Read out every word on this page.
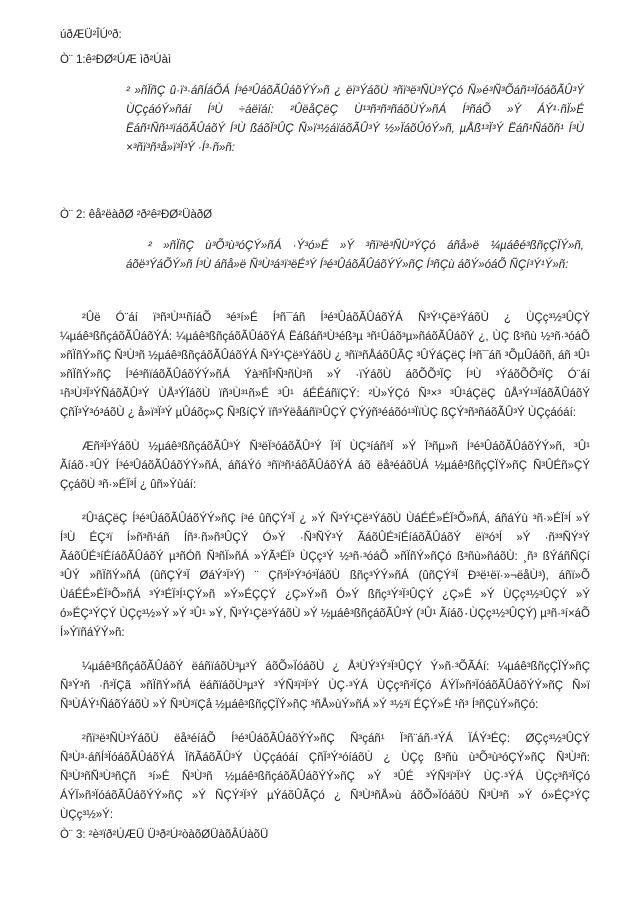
úðÆÜ²ÎÚºð:

Ò¨ 1:ê²ÐØ²ÚÆ ìð²Úàì

² »ñÏñÇ û·ï³·áñÍáÕÁ Í³é³ÛáõÃÛáõÝÝ»ñ ¿ ëï³ÝáõÙ ³ñï³ë³ÑÙ³ÝÇó Ñ»é³Ñ³Õáñ¹³ÏóáõÃÛ³Ý ÙÇçáóÝ»ñáí Í³Ù ÷áëïáí: ²ÛëåÇëÇ Ù¹³ñ³ñ³ñáõÙÝ»ñÁ Í³ñáÕ »Ý ÁÝ¹·ñÏ»É Ëáñ¹Ññ¹³ïáõÃÛáõÝ Í³Ù ßáõÏ³ÛÇ Ñ»ï³½áïáõÃÛ³Ý ½»ÏáõÛóÝ»ñ, µÅß¹³Ï³Ý Ëáñ¹Ñáõñ¹ Í³Ù ×³ñï³ñ³å»ï³Ï³Ý ·Í³·ñ»ñ:

Ò¨ 2: êå²ëàðØ ²ð²ê²ÐØ²ÜàðØ

² »ñÏñÇ ù³Õ³ù³óÇÝ»ñÁ ·Ý³ó»É »Ý ³ñï³ë³ÑÙ³ÝÇó áñå»ë ¼µáêé³ßñçÇÏÝ»ñ, áõë³ÝáÕÝ»ñ Í³Ù áñå»ë Ñ³Ù³á³ï³ëÉ³Ý Í³é³ÛáõÃÛáõÝÝ»ñÇ Í³ñÇù áõÝ»óáÕ ÑÇí³Ý¹Ý»ñ:

²Ûë Ó¨áí ï³ñ³Ù³¹ñíáÕ ³é³í»É Í³ñ¯áñ Í³é³ÛáõÃÛáõÝÁ Ñ³Ý¹Çë³ÝáõÙ ¿ ÙÇç³½³ÛÇÝ ¼µáê³ßñçáõÃÛáõÝÁ: ¼µáê³ßñçáõÃÛáõÝÁ Ëáßáñ³Ù³éß³µ ³ñ¹Ûáõ³µ»ñáõÃÛáõÝ ¿, ÙÇ ß³ñù ½³ñ·³óáÕ »ñÏñÝ»ñÇ Ñ³Ù³ñ ½µáê³ßñçáõÃÛáõÝÁ Ñ³Ý¹Çë³ÝáõÙ ¿ ³ñï³ñÅáõÛÃÇ ³ÛÝáÇëÇ Í³ñ¯áñ ³ÕµÛáõñ, áñ ³Û¹ »ñÏñÝ»ñÇ Í³é³ñïáõÃÛáõÝÝ»ñÁ Ýà³ñÎ³Ñ³ñÙ³ñ »Ý ·ïÝáõÙ áõÕÕ³ÏÇ Í³Ù ³ÝáõÕÕ³ÏÇ Ó¨áí ¹ñ³Ù³Ï³ÝÑáõÃÛ³Ý ÙÅ³ÝÏáõÙ ïñ³Ù³¹ñ»É ³Û¹ áÉÉáñïÇÝ: ²Ù»ÝÇó Ñ³×³ ³Û¹áÇëÇ ûÅ³Ý¹³ÏáõÃÛáõÝ ÇñÏ³Ý³ó³áõÙ ¿ å»ï³Ï³Ý µÛáõç»Ç Ñ³ßíÇÝ ïñ³Ýëåáñï³ÛÇÝ ÇÝýñ³éáõó¹³ÏïÙÇ ßÇÝ³ñ³ñáõÃÛ³Ý ÙÇçáóáí:

Æñ³Ï³ÝáõÙ ½µáê³ßñçáõÃÛ³Ý Ñ³ëÏ³óáõÃÛ³Ý Ï³Ï ÙÇ³íáñ³Ï »Ý Ï³ñµ»ñ Í³é³ÛáõÃÛáõÝÝ»ñ, ³Û¹ Ãíáõ٠³ÛÝ Í³é³ÛáõÃÛáõÝÝ»ñÁ, áñáÝó ³ñï³ñ¹áõÃÛáõÝÁ áõ ëå³éáõÙÁ ½µáê³ßñçÇÏÝ»ñÇ Ñ³ÛÉñ»ÇÝ ÇçáõÙ ³ñ·»ÉÏ³Í ¿ ûñ»Ýùáí:

²Û¹áÇëÇ Í³é³ÛáõÃÛáõÝÝ»ñÇ í³é ûñÇÝ³Ï ¿ »Ý Ñ³Ý¹Çë³ÝáõÙ ÙáÉÉ»ÉÏ³Õ»ñÁ, áñáÝù ³ñ·»ÉÏ³Í »Ý Í³Ù ÉÇ³ï Í»ñ³ñ¹áñ Íñ³·ñ»ñ³ÛÇÝ Ó»Ý ·Ñ³ÑÝ³Ý ÃáõÛÉ³íÉíáõÃÛáõÝ ëï³ó³Í »Ý ·ñ³³ÑÝ³Ý ÃáõÛÉ³íÉíáõÃÛáõÝ µ³ñÓñ Ñ³ñÏ»ñÁ »ÝÃ³ÉÏ³ ÙÇç³Ý ½³ñ·³óáÕ »ñÏñÝ»ñÇó ß³ñù»ñáõÙ: ¸ñ³ ßÝáñÑÇí ³ÛÝ »ñÏñÝ»ñÁ (ûñÇÝ³Ï ØáÝ³Ï³Ý) ¨ Çñ³Ï³Ý³ó³ÏáõÙ ßñç³ÝÝ»ñÁ (ûñÇÝ³Ï Ð³ë¹ëï·»¬ëåÙ³), áñï»Õ ÙáÉÉ»ÉÏ³Õ»ñÁ ³Ý³ÉÏ³Í¹ÇÝ»ñ »Ý»ÉÇÇÝ ¿Ç»Ý»ñ Ó»Ý ßñç³Ý³Ï³ÛÇÝ ¿Ç»É »Ý ÙÇç³½³ÛÇÝ »Ý ó»ÉÇ³ÝÇÝ ÙÇç³½»Ý »Ý ³Û¹ »Ý, Ñ³Ý¹Çë³ÝáõÙ »Ý ½µáê³ßñçáõÃÛ³Ý (³Û¹ Ãíáõ٠ÙÇç³½³ÛÇÝ) µ³ñ·³í×áÕ Í»ÝïñáÝÝ»ñ:

¼µáê³ßñçáõÃÛáõÝ ëáñïáõÙ³µ³Ý áõÕ»ÏóáõÙ ¿ Å³ÙÝ³Ý³Ï³ÛÇÝ Ý»ñ·³ÕÃÁí: ¼µáê³ßñçÇÏÝ»ñÇ Ñ³Ý³ñ ·ñ³ÏÇã »ñÏñÝ»ñÁ ëáñïáõÙ³µ³Ý ³ÝÑ³ï³Ï³Ý ÙÇ·³ÝÁ ÙÇç³ñ³ÏÇó ÁÝÏ»ñ³ÏóáõÃÛáõÝÝ»ñÇ Ñ»ï Ñ³ÙÁÝ¹ÑáõÝáõÙ »Ý Ñ³Ù³ïÇå ½µáê³ßñçÇÏÝ»ñÇ ³ñÅ»ùÝ»ñÁ »Ý ³½³ï ÉÇÝ»É ¹ñ³ Í³ñÇùÝ»ñÇó:

²ñï³ë³ÑÙ³ÝáõÙ ëå³éíáÕ Í³é³ÛáõÃÛáõÝÝ»ñÇ Ñ³çáñ¹ Ï³ñ¨áñ·³ÝÁ ÏÁÝ³ÉÇ: ØÇç³½³ÛÇÝ Ñ³Ù³·áñÍ³ÏóáõÃÛáõÝÁ ÏñÃáõÃÛ³Ý ÙÇçáóáí ÇñÏ³Ý³óíáõÙ ¿ ÙÇç ß³ñù ù³Õ³ù³óÇÝ»ñÇ Ñ³Ù³ñ: Ñ³Ù³ñÑ³Ù³ñÇñ ³í»É Ñ³Ù³ñ ½µáê³ßñçáõÃÛáõÝÝ»ñÇ »Ý ³ÛÉ ³ÝÑ³ï³Ï³Ý ÙÇ·³ÝÁ ÙÇç³ñ³ÏÇó ÁÝÏ»ñ³ÏóáõÃÛáõÝÝ»ñÇ »Ý ÑÇÝ³Ï³Ý µÝáõÛÃÇó ¿ Ñ³Ù³ñÅ»ù áõÕ»ÏóáõÙ Ñ³Ù³ñ »Ý ó»ÉÇ³ÝÇ ÙÇç³½»Ý:

Ò¨ 3: ²è³ïð²ÚÆÜ Ü³ð²Ú²òàõØÜàõÂÚàõÜ
